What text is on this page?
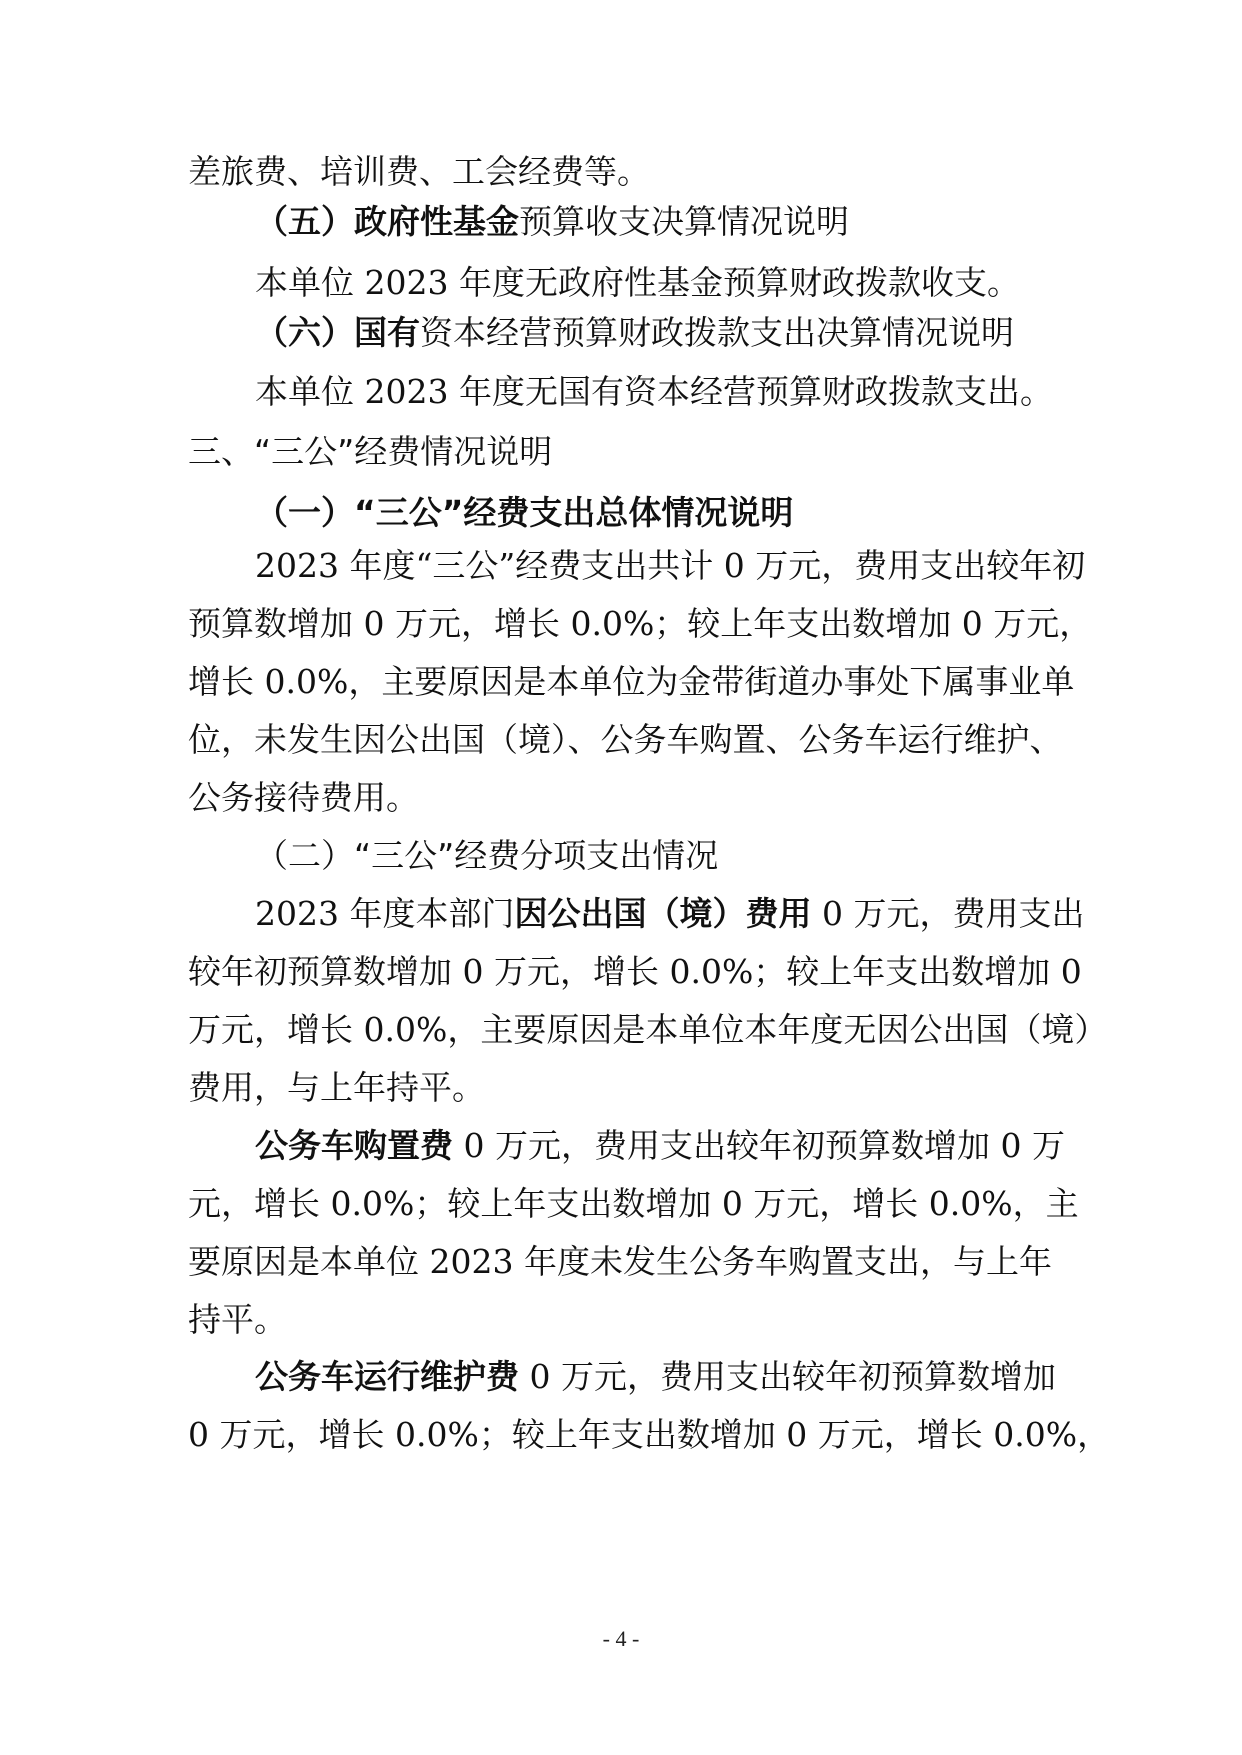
差旅费、培训费、工会经费等。
（五）政府性基金预算收支决算情况说明
本单位 2023 年度无政府性基金预算财政拨款收支。
（六）国有资本经营预算财政拨款支出决算情况说明
本单位 2023 年度无国有资本经营预算财政拨款支出。
三、“三公”经费情况说明
（一）“三公”经费支出总体情况说明
2023 年度“三公”经费支出共计 0 万元，费用支出较年初
预算数增加 0 万元，增长 0.0%；较上年支出数增加 0 万元，
增长 0.0%，主要原因是本单位为金带街道办事处下属事业单
位，未发生因公出国（境）、公务车购置、公务车运行维护、
公务接待费用。
（二）“三公”经费分项支出情况
2023 年度本部门因公出国（境）费用 0 万元，费用支出
较年初预算数增加 0 万元，增长 0.0%；较上年支出数增加 0
万元，增长 0.0%，主要原因是本单位本年度无因公出国（境）
费用，与上年持平。
公务车购置费 0 万元，费用支出较年初预算数增加 0 万
元，增长 0.0%；较上年支出数增加 0 万元，增长 0.0%，主
要原因是本单位 2023 年度未发生公务车购置支出，与上年
持平。
公务车运行维护费 0 万元，费用支出较年初预算数增加
0 万元，增长 0.0%；较上年支出数增加 0 万元，增长 0.0%，
- 4 -
